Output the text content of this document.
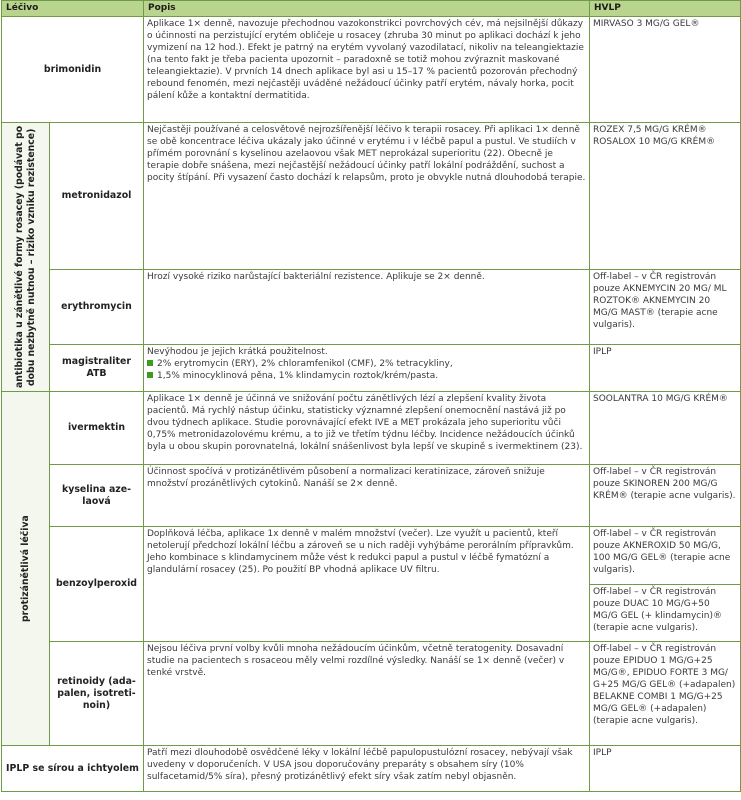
Léčivo		Popis	HVLP
brimonidin		Aplikace 1× denně, navozuje přechodnou vazokonstrikci povrchových cév, má nejsilnější důkazy o účinnosti na perzistující erytém obličeje u rosacey (zhruba 30 minut po aplikaci dochází k jeho vymizení na 12 hod.). Efekt je patrný na erytém vyvolaný vazodilatací, nikoliv na teleangiektazie (na tento fakt je třeba pacienta upozornit – paradoxně se totiž mohou zvýraznit maskované teleangiektazie). V prvních 14 dnech aplikace byl asi u 15–17 % pacientů pozorován přechodný rebound fenomén, mezi nejčastěji uváděné nežádoucí účinky patří erytém, návaly horka, pocit pálení kůže a kontaktní dermatitida.	MIRVASO 3 MG/G GEL®

antibiotika u zánětlivé formy rosacey (podávat po dobu nezbytně nutnou – riziko vzniku rezistence)	metronidazol	Nejčastěji používané a celosvětově nejrozšířenější léčivo k terapii rosacey. Při aplikaci 1× denně se obě koncentrace léčiva ukázaly jako účinné v erytému i v léčbě papul a pustul. Ve studiích v přímém porovnání s kyselinou azelaovou však MET neprokázal superioritu (22). Obecně je terapie dobře snášena, mezi nejčastější nežádoucí účinky patří lokální podráždění, suchost a pocity štípání. Při vysazení často dochází k relapsům, proto je obvykle nutná dlouhodobá terapie.	ROZEX 7,5 MG/G KRÉM®
ROSALOX 10 MG/G KRÉM®

	erythromycin	Hrozí vysoké riziko narůstající bakteriální rezistence. Aplikuje se 2× denně.	Off-label – v ČR registrován pouze AKNEMYCIN 20 MG/ ML ROZTOK® AKNEMYCIN 20 MG/G MAST® (terapie acne vulgaris).
	magistraliter ATB	Nevýhodou je jejich krátká použitelnost.
2% erytromycin (ERY), 2% chloramfenikol (CMF), 2% tetracykliny,
1,5% minocyklinová pěna, 1% klindamycin roztok/krém/pasta.	IPLP

protizánětlivá léčiva	ivermektin	Aplikace 1× denně je účinná ve snižování počtu zánětlivých lézí a zlepšení kvality života pacientů. Má rychlý nástup účinku, statisticky významné zlepšení onemocnění nastává již po dvou týdnech aplikace. Studie porovnávající efekt IVE a MET prokázala jeho superioritu vůči 0,75% metronidazolovému krému, a to již ve třetím týdnu léčby. Incidence nežádoucích účinků byla u obou skupin porovnatelná, lokální snášenlivost byla lepší ve skupině s ivermektinem (23).	SOOLANTRA 10 MG/G KRÉM®
	kyselina aze- laová	Účinnost spočívá v protizánětlivém působení a normalizaci keratinizace, zároveň snižuje množství prozánětlivých cytokinů. Nanáší se 2× denně.	Off-label – v ČR registrován pouze SKINOREN 200 MG/G KRÉM® (terapie acne vulgaris).
	benzoylperoxid	Doplňková léčba, aplikace 1x denně v malém množství (večer). Lze využít u pacientů, kteří netolerují předchozí lokální léčbu a zároveň se u nich raději vyhýbáme perorálním přípravkům. Jeho kombinace s klindamycinem může vést k redukci papul a pustul v léčbě fymatózní a glandulární rosacey (25). Po použití BP vhodná aplikace UV filtru.	Off-label – v ČR registrován pouze AKNEROXID 50 MG/G, 100 MG/G GEL® (terapie acne vulgaris).
			Off-label – v ČR registrován pouze DUAC 10 MG/G+50 MG/G GEL (+ klindamycin)® (terapie acne vulgaris).
	retinoidy (ada- palen, isotreti- noin)	Nejsou léčiva první volby kvůli mnoha nežádoucím účinkům, včetně teratogenity. Dosavadní studie na pacientech s rosaceou měly velmi rozdílné výsledky. Nanáší se 1× denně (večer) v tenké vrstvě.	Off-label – v ČR registrován pouze EPIDUO 1 MG/G+25 MG/G®, EPIDUO FORTE 3 MG/ G+25 MG/G GEL® (+adapalen) BELAKNE COMBI 1 MG/G+25 MG/G GEL® (+adapalen) (terapie acne vulgaris).
IPLP se sírou a ichtyolem		Patří mezi dlouhodobě osvědčené léky v lokální léčbě papulopustulózní rosacey, nebývají však uvedeny v doporučeních. V USA jsou doporučovány preparáty s obsahem síry (10% sulfacetamid/5% síra), přesný protizánětlivý efekt síry však zatím nebyl objasněn.	IPLP
